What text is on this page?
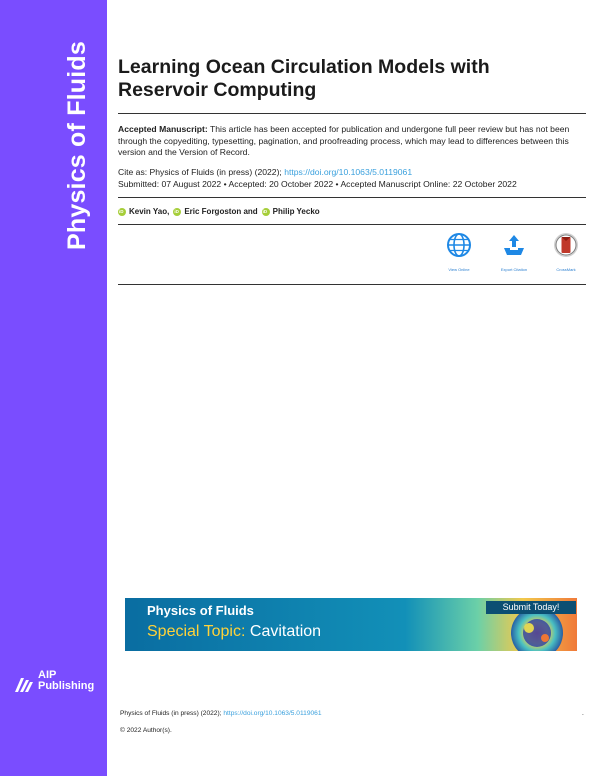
Physics of Fluids
AIP
Publishing
Learning Ocean Circulation Models with Reservoir Computing
Accepted Manuscript: This article has been accepted for publication and undergone full peer review but has not been through the copyediting, typesetting, pagination, and proofreading process, which may lead to differences between this version and the Version of Record.
Cite as: Physics of Fluids (in press) (2022); https://doi.org/10.1063/5.0119061
Submitted: 07 August 2022 • Accepted: 20 October 2022 • Accepted Manuscript Online: 22 October 2022
iD
Kevin Yao, iD Eric Forgoston and iD Philip Yecko
View Online	Export Citation	CrossMark
Physics of Fluids
Special Topic: Cavitation
Submit Today!
Physics of Fluids (in press) (2022); https://doi.org/10.1063/5.0119061	.
© 2022 Author(s).
